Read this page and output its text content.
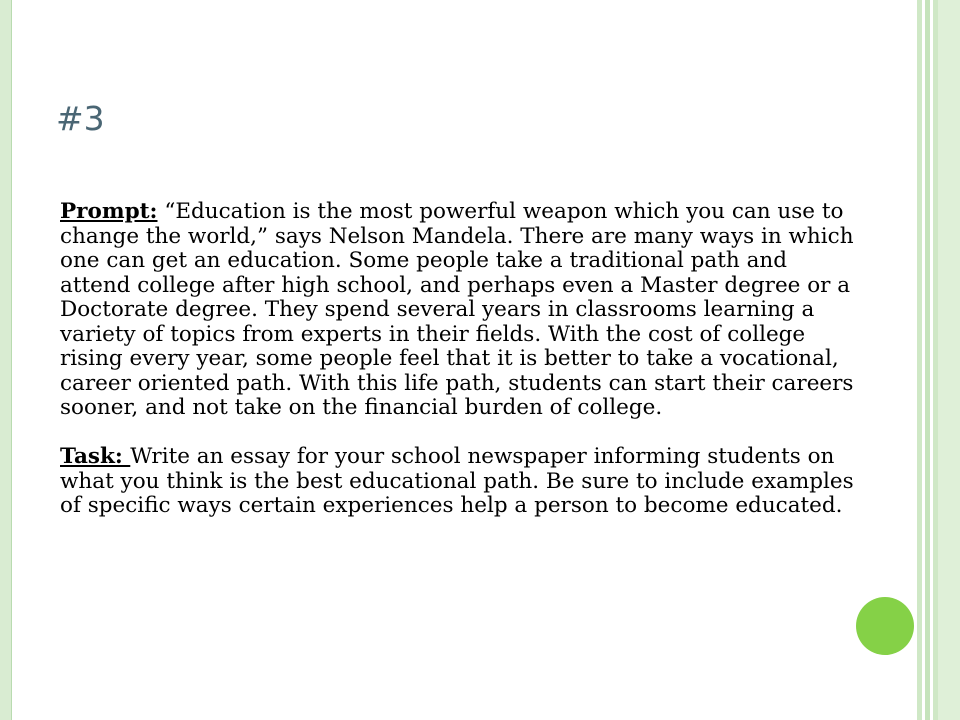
#3

Prompt: “Education is the most powerful weapon which you can use to change the world,” says Nelson Mandela. There are many ways in which one can get an education. Some people take a traditional path and attend college after high school, and perhaps even a Master degree or a Doctorate degree. They spend several years in classrooms learning a variety of topics from experts in their fields. With the cost of college rising every year, some people feel that it is better to take a vocational, career oriented path. With this life path, students can start their careers sooner, and not take on the financial burden of college.

Task: Write an essay for your school newspaper informing students on what you think is the best educational path. Be sure to include examples of specific ways certain experiences help a person to become educated.
